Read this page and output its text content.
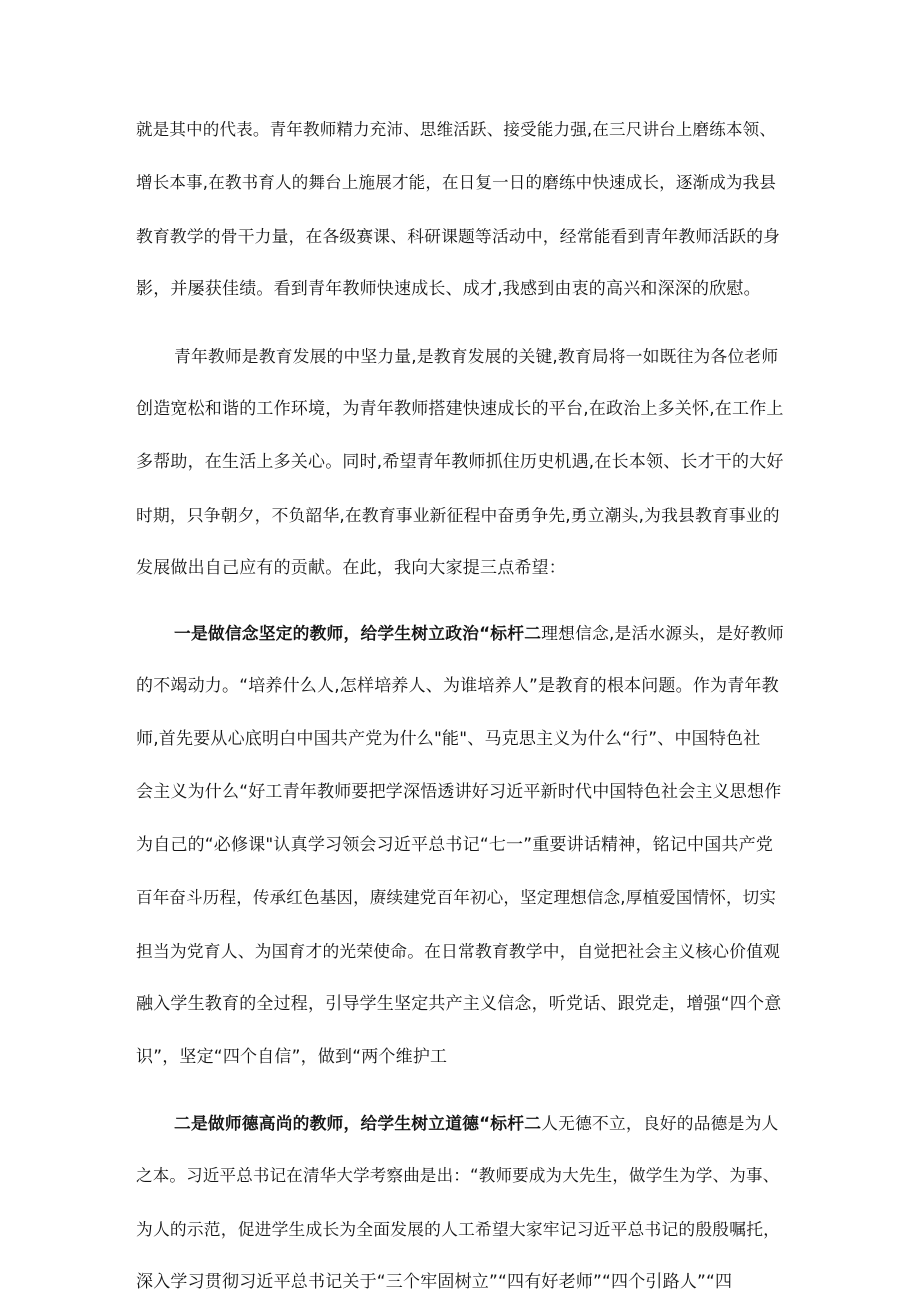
就是其中的代表。青年教师精力充沛、思维活跃、接受能力强,在三尺讲台上磨练本领、
增长本事,在教书育人的舞台上施展才能，在日复一日的磨练中快速成长，逐渐成为我县
教育教学的骨干力量，在各级赛课、科研课题等活动中，经常能看到青年教师活跃的身
影，并屡获佳绩。看到青年教师快速成长、成才,我感到由衷的高兴和深深的欣慰。
青年教师是教育发展的中坚力量,是教育发展的关键,教育局将一如既往为各位老师
创造宽松和谐的工作环境，为青年教师搭建快速成长的平台,在政治上多关怀,在工作上
多帮助，在生活上多关心。同时,希望青年教师抓住历史机遇,在长本领、长才干的大好
时期，只争朝夕，不负韶华,在教育事业新征程中奋勇争先,勇立潮头,为我县教育事业的
发展做出自己应有的贡献。在此，我向大家提三点希望：
一是做信念坚定的教师，给学生树立政治“标杆二理想信念,是活水源头，是好教师
的不竭动力。“培养什么人,怎样培养人、为谁培养人”是教育的根本问题。作为青年教
师,首先要从心底明白中国共产党为什么"能"、马克思主义为什么“行”、中国特色社
会主义为什么“好工青年教师要把学深悟透讲好习近平新时代中国特色社会主义思想作
为自己的“必修课"认真学习领会习近平总书记“七一”重要讲话精神，铭记中国共产党
百年奋斗历程，传承红色基因，赓续建党百年初心，坚定理想信念,厚植爱国情怀，切实
担当为党育人、为国育才的光荣使命。在日常教育教学中，自觉把社会主义核心价值观
融入学生教育的全过程，引导学生坚定共产主义信念，听党话、跟党走，增强“四个意
识”，坚定“四个自信”，做到“两个维护工
二是做师德高尚的教师，给学生树立道德“标杆二人无德不立，良好的品德是为人
之本。习近平总书记在清华大学考察曲是出：“教师要成为大先生，做学生为学、为事、
为人的示范，促进学生成长为全面发展的人工希望大家牢记习近平总书记的殷殷嘱托，
深入学习贯彻习近平总书记关于“三个牢固树立”“四有好老师”“四个引路人”“四
